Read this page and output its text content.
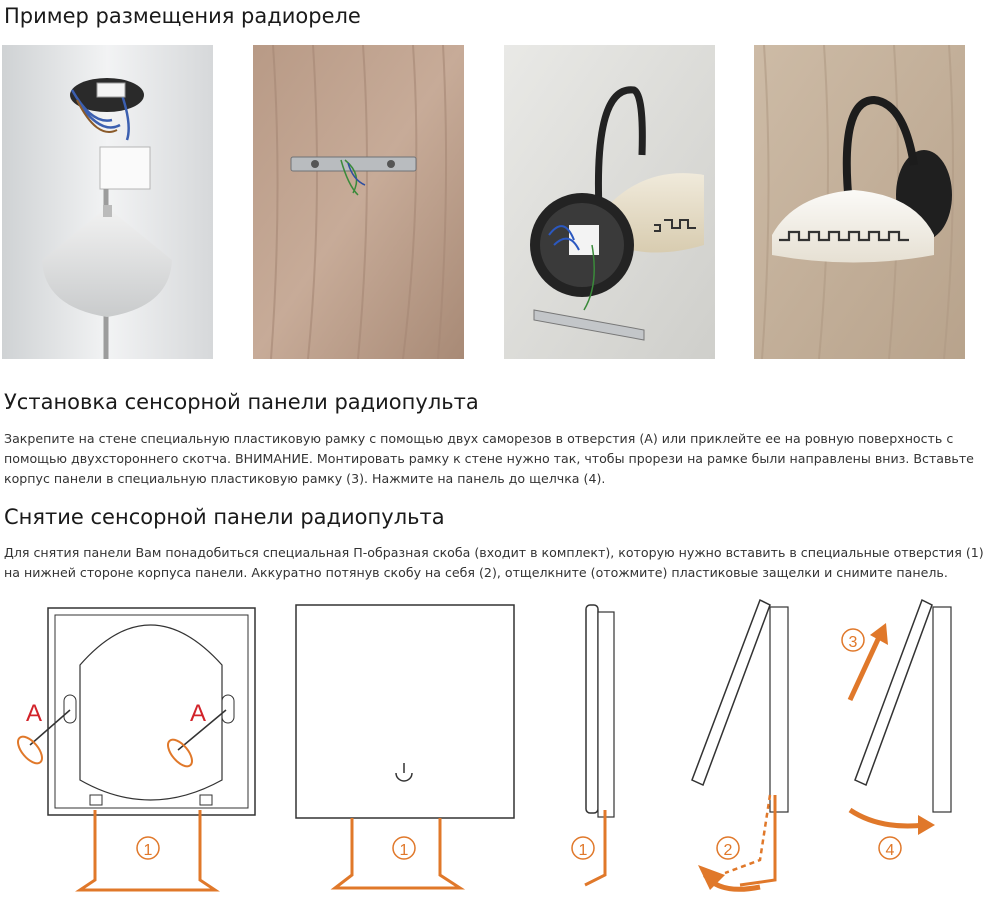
Пример размещения радиореле
Установка сенсорной панели радиопульта

Закрепите на стене специальную пластиковую рамку с помощью двух саморезов в отверстия (A) или приклейте ее на ровную поверхность с помощью двухстороннего скотча. ВНИМАНИЕ. Монтировать рамку к стене нужно так, чтобы прорези на рамке были направлены вниз. Вставьте корпус панели в специальную пластиковую рамку (3). Нажмите на панель до щелчка (4).

Снятие сенсорной панели радиопульта

Для снятия панели Вам понадобиться специальная П-образная скоба (входит в комплект), которую нужно вставить в специальные отверстия (1) на нижней стороне корпуса панели. Аккуратно потянув скобу на себя (2), отщелкните (отожмите) пластиковые защелки и снимите панель.

A	A
1	1	1	2
3
4
